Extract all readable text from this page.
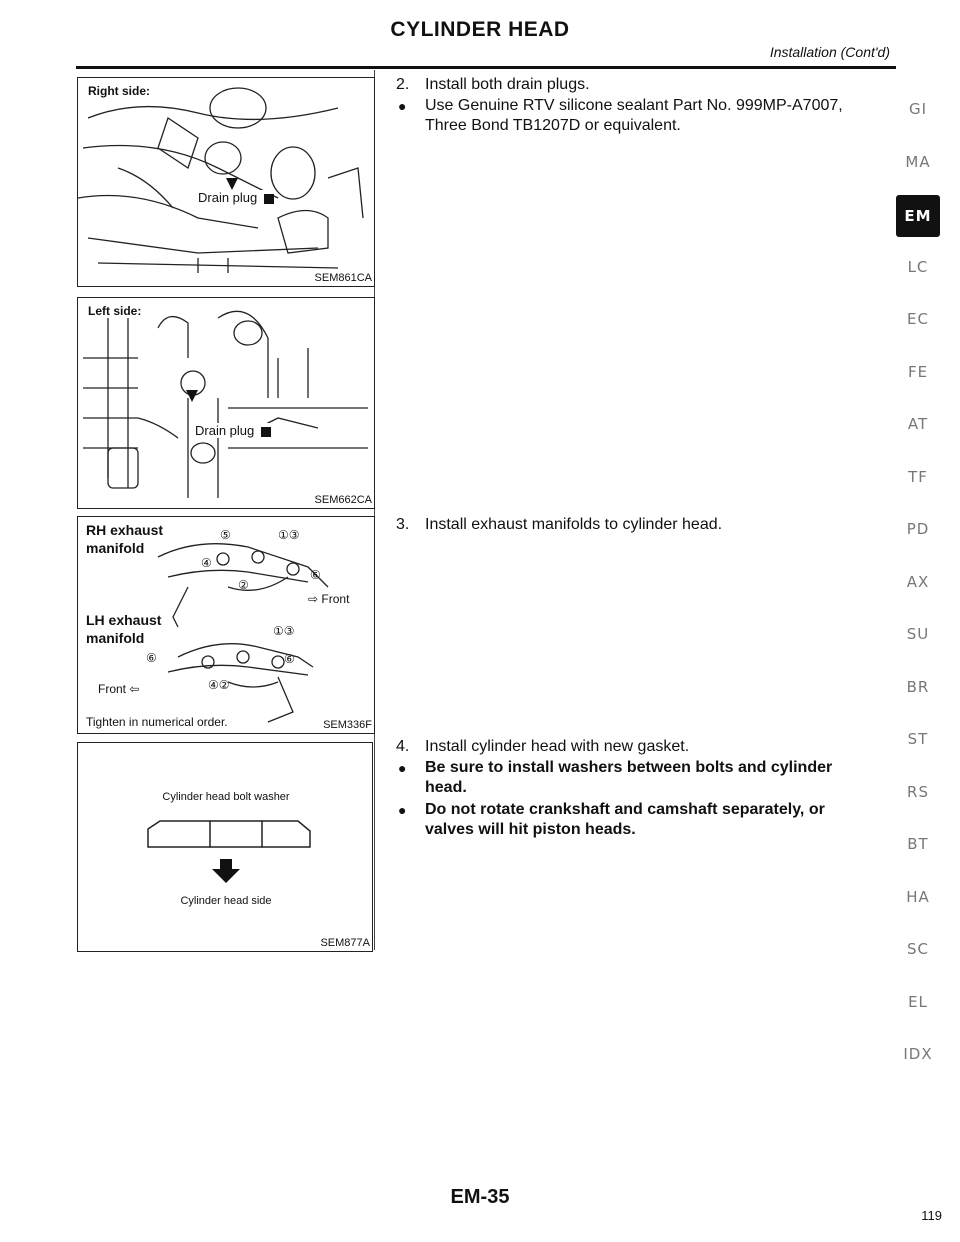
CYLINDER HEAD
Installation (Cont'd)
Right side:
Drain plug
SEM861CA
Left side:
Drain plug
SEM662CA
⑤	①③
④
②
⑥
①③
⑥	⑥
④②
RH exhaust manifold
LH exhaust manifold
⇨ Front
Front ⇦
Tighten in numerical order.	SEM336F
Cylinder head bolt washer
Cylinder head side
SEM877A
2. Install both drain plugs.
● Use Genuine RTV silicone sealant Part No. 999MP-A7007, Three Bond TB1207D or equivalent.
3. Install exhaust manifolds to cylinder head.
4. Install cylinder head with new gasket.
● Be sure to install washers between bolts and cylinder head.
● Do not rotate crankshaft and camshaft separately, or valves will hit piston heads.
GI
MA
EM
LC
EC
FE
AT
TF
PD
AX
SU
BR
ST
RS
BT
HA
SC
EL
IDX
EM-35
119
